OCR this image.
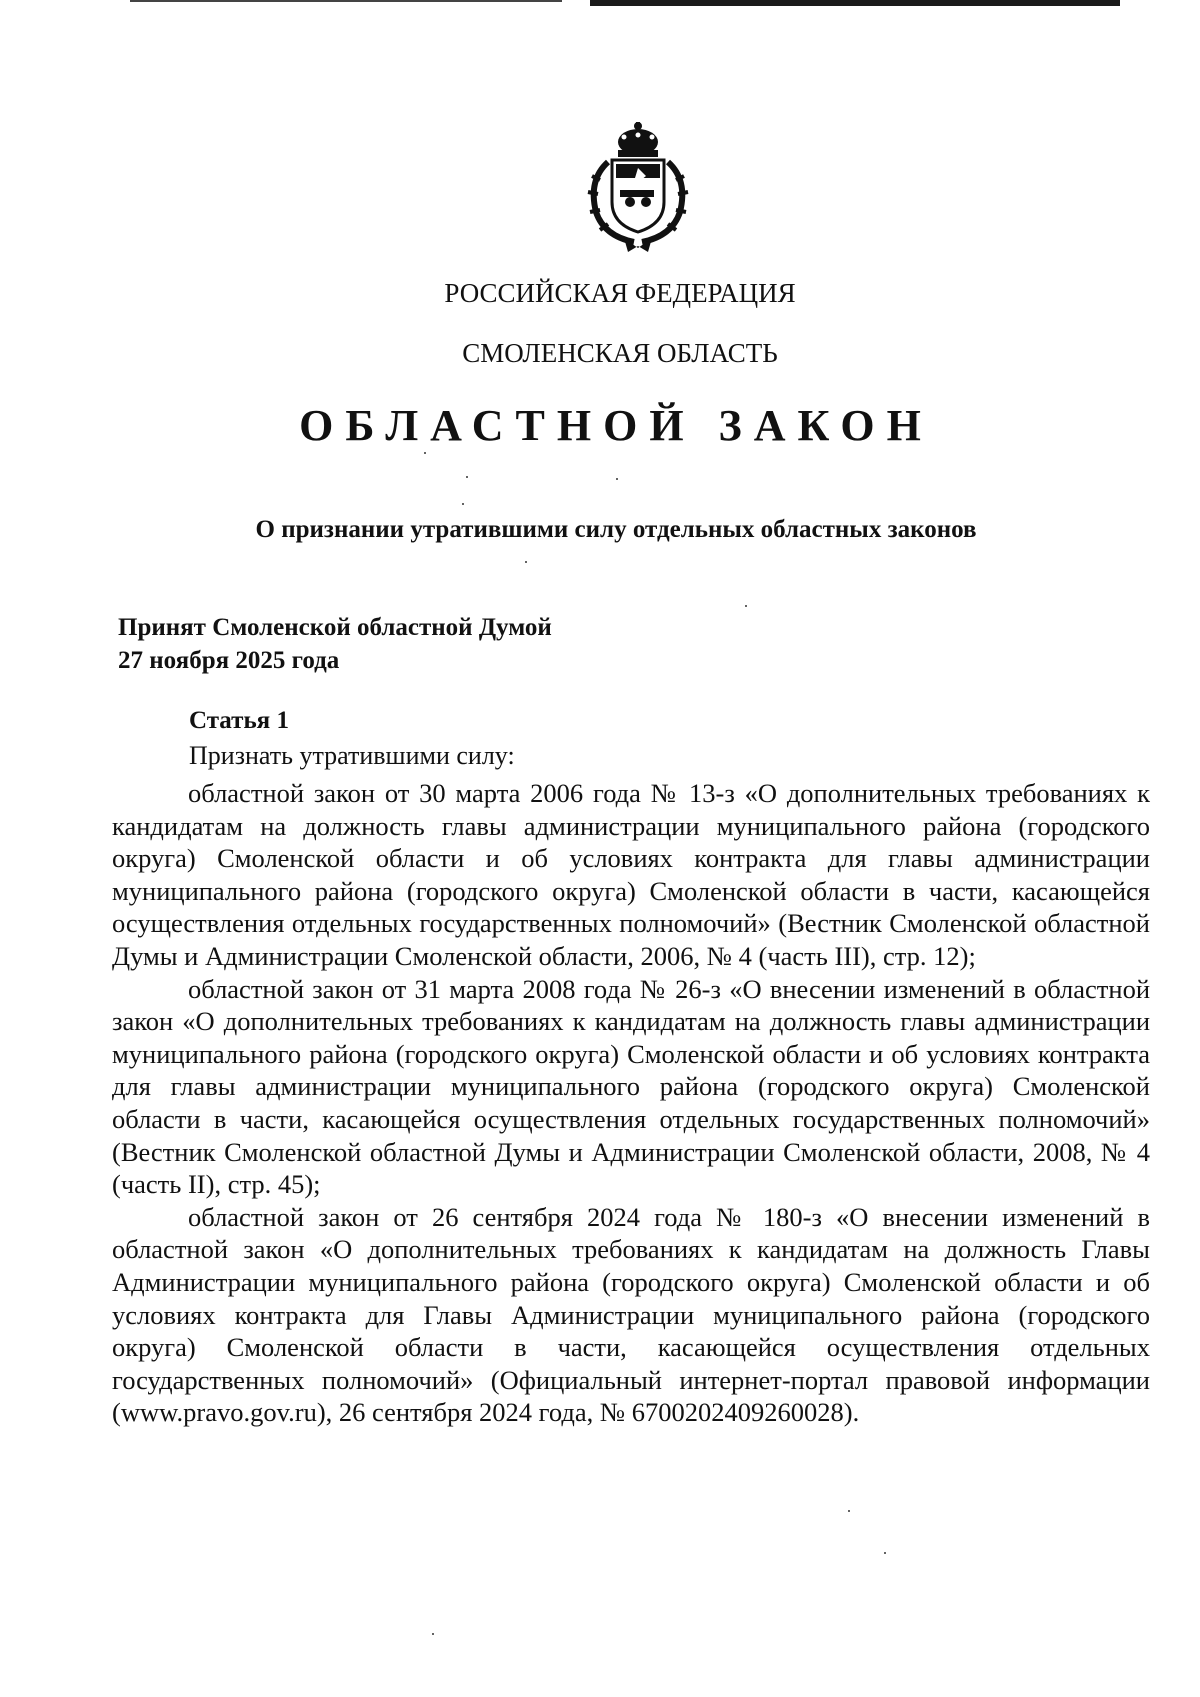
РОССИЙСКАЯ ФЕДЕРАЦИЯ
СМОЛЕНСКАЯ ОБЛАСТЬ
ОБЛАСТНОЙ ЗАКОН
О признании утратившими силу отдельных областных законов
Принят Смоленской областной Думой
27 ноября 2025 года
Статья 1
Признать утратившими силу:

областной закон от 30 марта 2006 года № 13-з «О дополнительных требованиях к кандидатам на должность главы администрации муниципального района (городского округа) Смоленской области и об условиях контракта для главы администрации муниципального района (городского округа) Смоленской области в части, касающейся осуществления отдельных государственных полномочий» (Вестник Смоленской областной Думы и Администрации Смоленской области, 2006, № 4 (часть III), стр. 12);

областной закон от 31 марта 2008 года № 26-з «О внесении изменений в областной закон «О дополнительных требованиях к кандидатам на должность главы администрации муниципального района (городского округа) Смоленской области и об условиях контракта для главы администрации муниципального района (городского округа) Смоленской области в части, касающейся осуществления отдельных государственных полномочий» (Вестник Смоленской областной Думы и Администрации Смоленской области, 2008, № 4 (часть II), стр. 45);

областной закон от 26 сентября 2024 года № 180-з «О внесении изменений в областной закон «О дополнительных требованиях к кандидатам на должность Главы Администрации муниципального района (городского округа) Смоленской области и об условиях контракта для Главы Администрации муниципального района (городского округа) Смоленской области в части, касающейся осуществления отдельных государственных полномочий» (Официальный интернет-портал правовой информации (www.pravo.gov.ru), 26 сентября 2024 года, № 6700202409260028).
